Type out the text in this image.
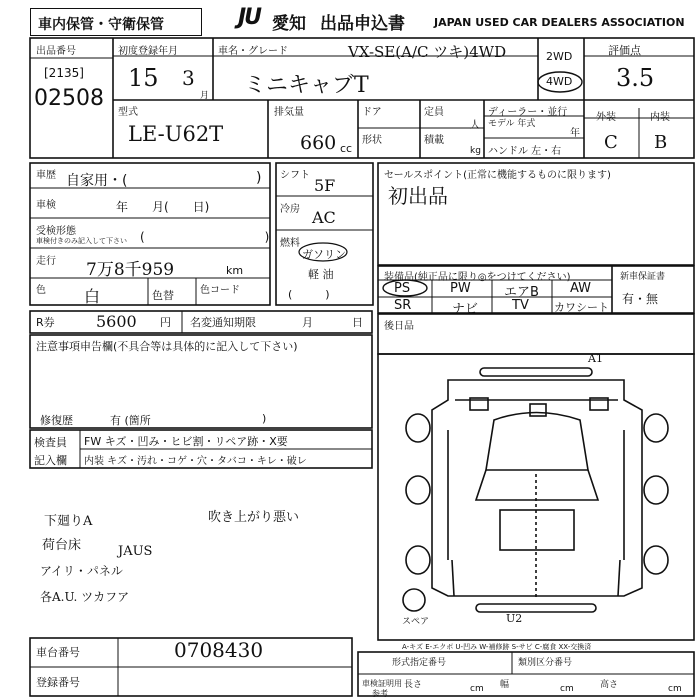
車内保管・守衛保管	JU 愛知 出品申込書	JAPAN USED CAR DEALERS ASSOCIATION
出品番号
[2135]
02508
初度登録年月
15 3
月
車名・グレード	VX-SE(A/C ツキ)4WD
ミニキャブT
2WD
4WD
評価点
3.5
型式
LE-U62T
排気量
660 cc
ドア
形状
定員
人
積載
kg
ディーラー・並行
モデル 年式
年
ハンドル 左・右
外装	内装
C B
車歴 自家用・(	)
車検	年　　月(　　日)
受検形態
車検付きのみ記入して下さい (　　　　　　　　　　)
走行 7万8千959	km
色 白	色替	色コード
シフト
5F
冷房 AC
燃料
ガソリン
軽 油
(　　　)
セールスポイント(正常に機能するものに限ります)
初出品
装備品(純正品に限り◎をつけてください)
PS	PW	エアB AW
SR	ナビ	TV カワシート
新車保証書
有・無
R券	5600 円 名変通知期限	月	日 後日品
注意事項申告欄(不具合等は具体的に記入して下さい)
修復歴	有 (箇所	)
検査員
記入欄
FW キズ・凹み・ヒビ割・リペア跡・X要
内装 キズ・汚れ・コゲ・穴・タバコ・キレ・破レ
下廻りA
荷台床	JAUS
アイリ・パネル
各A.U. ツカフア
吹き上がり悪い
A1
U2
スペア
A-キズ E-エクボ U-凹み W-補修跡 S-サビ C-腐食 XX-交換済
車台番号	0708430
登録番号
形式指定番号	類別区分番号
車検証明用
参考
長さ	cm 幅	cm	高さ	cm
